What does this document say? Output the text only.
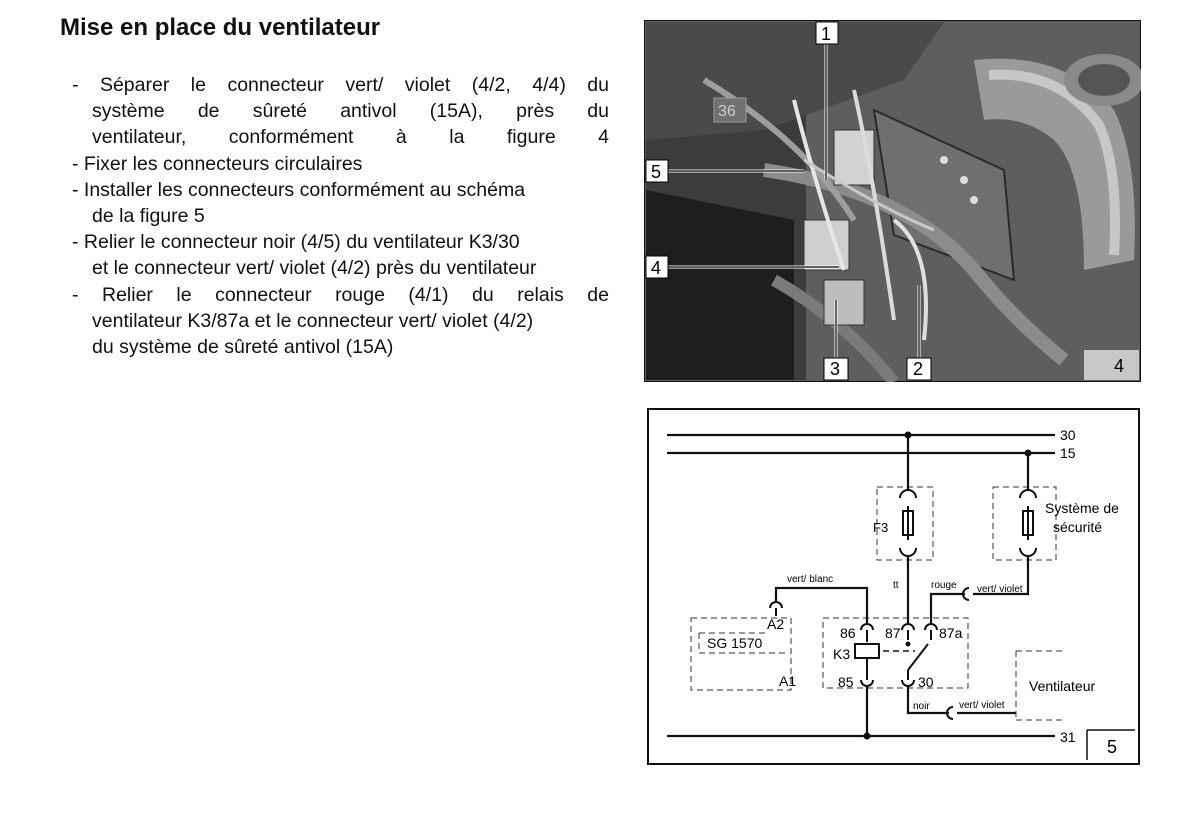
Mise en place du ventilateur
- Séparer le connecteur vert/ violet (4/2, 4/4) du
système de sûreté antivol (15A), près du
ventilateur, conformément à la figure 4
- Fixer les connecteurs circulaires
- Installer les connecteurs conformément au schéma
de la figure 5
- Relier le connecteur noir (4/5) du ventilateur K3/30
et le connecteur vert/ violet (4/2) près du ventilateur
- Relier le connecteur rouge (4/1) du relais de
ventilateur K3/87a et le connecteur vert/ violet (4/2)
du système de sûreté antivol (15A)
36
1
5
4
3	2	4
30
15
31 5
F3
Système de
sécurité
vert/ blanc
rouge vert/ violet
tt
noir	vert/ violet
86 87	87a
K3
85	30
A2
SG 1570
A1	Ventilateur
